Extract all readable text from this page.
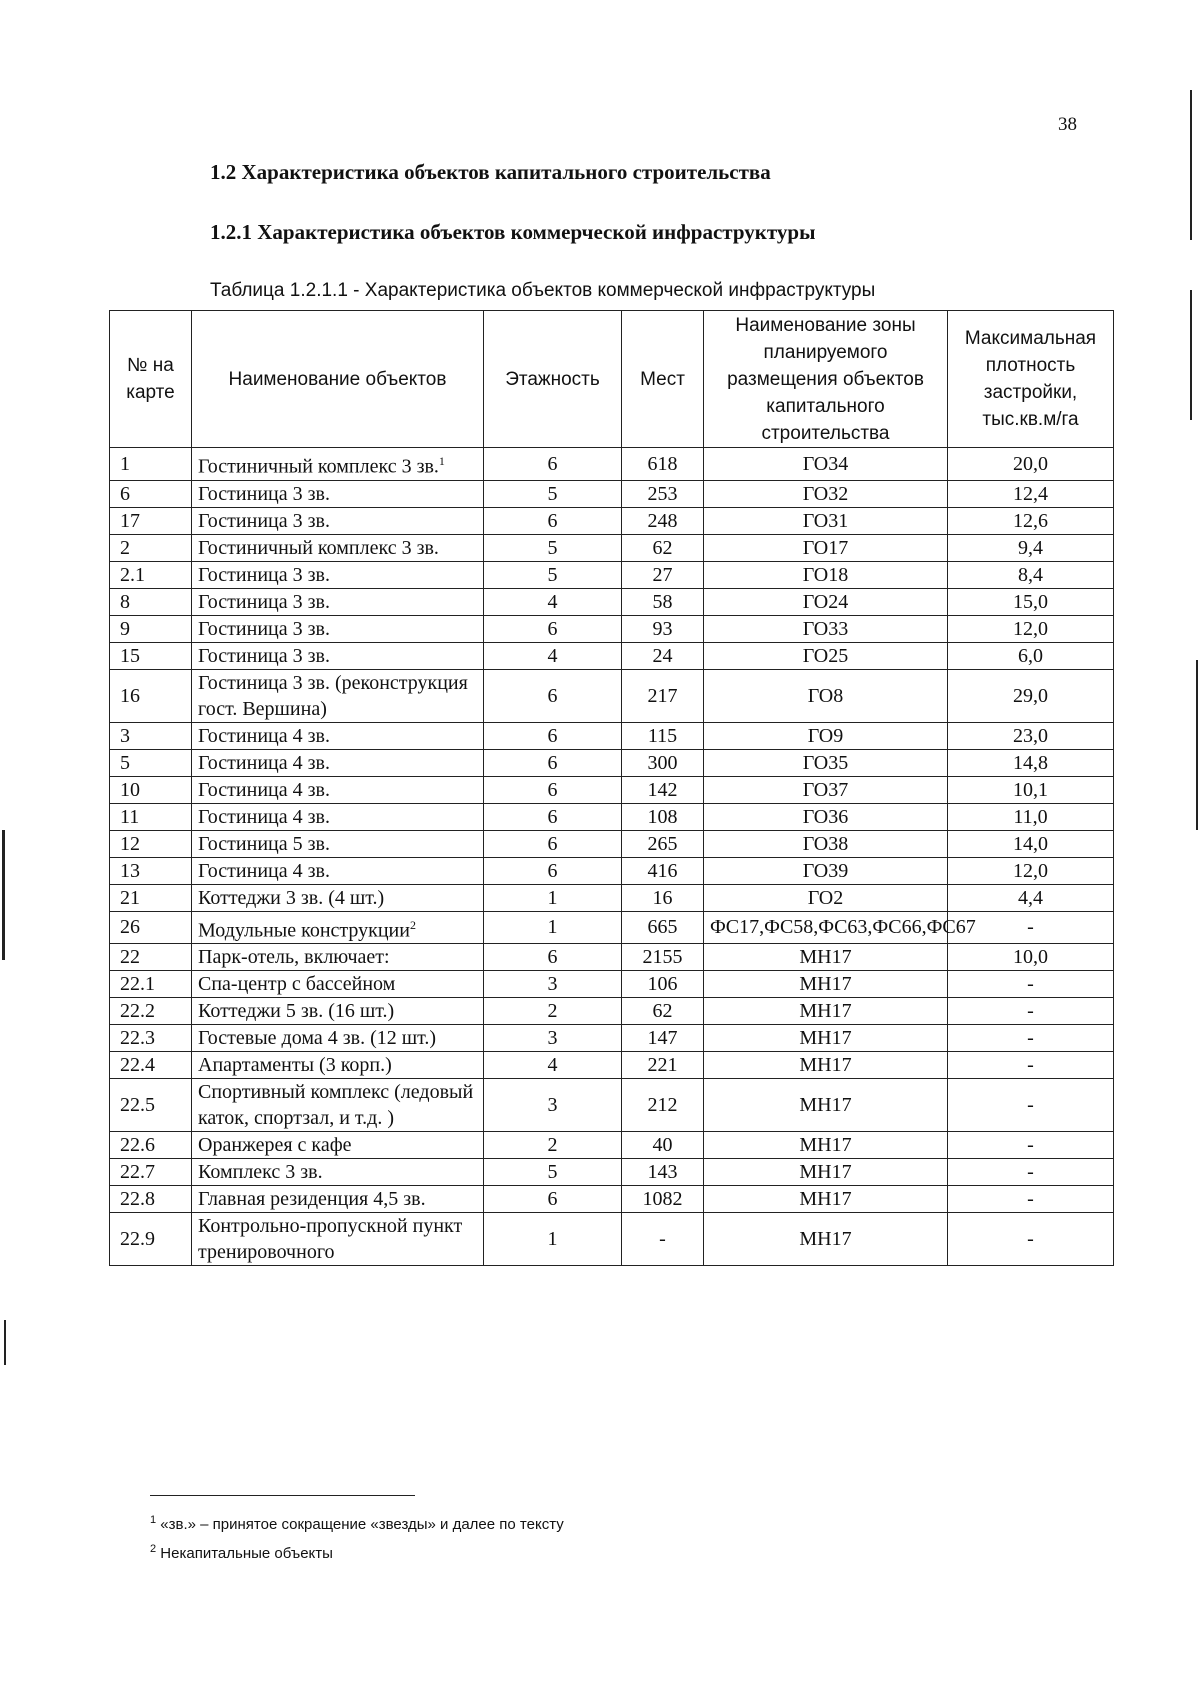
38
1.2 Характеристика объектов капитального строительства
1.2.1 Характеристика объектов коммерческой инфраструктуры
Таблица 1.2.1.1 - Характеристика объектов коммерческой инфраструктуры
№ на карте	Наименование объектов	Этажность	Мест	Наименование зоны планируемого размещения объектов капитального строительства	Максимальная плотность застройки, тыс.кв.м/га
1	Гостиничный комплекс 3 зв.$^1$	6	618	ГО34	20,0
6	Гостиница 3 зв.	5	253	ГО32	12,4
17	Гостиница 3 зв.	6	248	ГО31	12,6
2	Гостиничный комплекс 3 зв.	5	62	ГО17	9,4
2.1	Гостиница 3 зв.	5	27	ГО18	8,4
8	Гостиница 3 зв.	4	58	ГО24	15,0
9	Гостиница 3 зв.	6	93	ГО33	12,0
15	Гостиница 3 зв.	4	24	ГО25	6,0
16	Гостиница 3 зв. (реконструкция гост. Вершина)	6	217	ГО8	29,0
3	Гостиница 4 зв.	6	115	ГО9	23,0
5	Гостиница 4 зв.	6	300	ГО35	14,8
10	Гостиница 4 зв.	6	142	ГО37	10,1
11	Гостиница 4 зв.	6	108	ГО36	11,0
12	Гостиница 5 зв.	6	265	ГО38	14,0
13	Гостиница 4 зв.	6	416	ГО39	12,0
21	Коттеджи 3 зв. (4 шт.)	1	16	ГО2	4,4
26	Модульные конструкции$^2$	1	665	ФС17,ФС58,ФС63,ФС66,ФС67	-
22	Парк-отель, включает:	6	2155	МН17	10,0
22.1	Спа-центр с бассейном	3	106	МН17	-
22.2	Коттеджи 5 зв. (16 шт.)	2	62	МН17	-
22.3	Гостевые дома 4 зв. (12 шт.)	3	147	МН17	-
22.4	Апартаменты (3 корп.)	4	221	МН17	-
22.5	Спортивный комплекс (ледовый каток, спортзал, и т.д. )	3	212	МН17	-
22.6	Оранжерея с кафе	2	40	МН17	-
22.7	Комплекс 3 зв.	5	143	МН17	-
22.8	Главная резиденция 4,5 зв.	6	1082	МН17	-
22.9	Контрольно-пропускной пункт тренировочного	1	-	МН17	-
$^1$ «зв.» – принятое сокращение «звезды» и далее по тексту
$^2$ Некапитальные объекты
